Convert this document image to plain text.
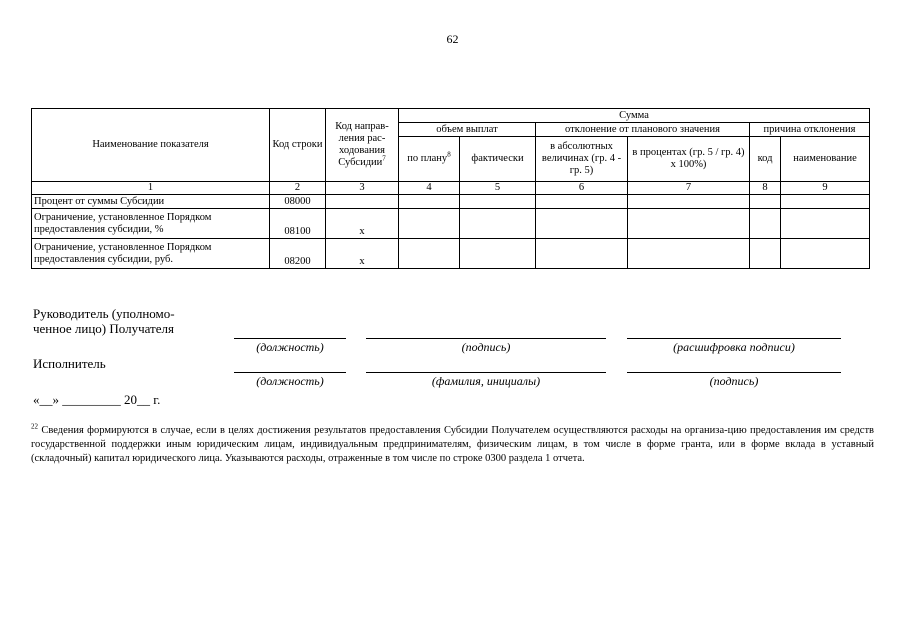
62
Наименование показателя	Код строки	Код направ-ления рас-ходования Субсидии$^7$	Сумма					
			объем выплат		отклонение от планового значения		причина отклонения	
			по плану$^8$	фактически	в абсолютных величинах (гр. 4 - гр. 5)	в процентах (гр. 5 / гр. 4) x 100%)	код	наименование
1	2	3	4	5	6	7	8	9
Процент от суммы Субсидии	08000							
Ограничение, установленное Порядком предоставления субсидии, %	08100	x						
Ограничение, установленное Порядком предоставления субсидии, руб.	08200	x						
Руководитель (уполномо-ченное лицо) Получателя
(должность)	(подпись)	(расшифровка подписи)
Исполнитель
(должность)	(фамилия, инициалы)	(подпись)
«__» _________ 20__ г.
$^{22}$ Сведения формируются в случае, если в целях достижения результатов предоставления Субсидии Получателем осуществляются расходы на организа-цию предоставления им средств государственной поддержки иным юридическим лицам, индивидуальным предпринимателям, физическим лицам, в том числе в форме гранта, или в форме вклада в уставный (складочный) капитал юридического лица. Указываются расходы, отраженные в том числе по строке 0300 раздела 1 отчета.
